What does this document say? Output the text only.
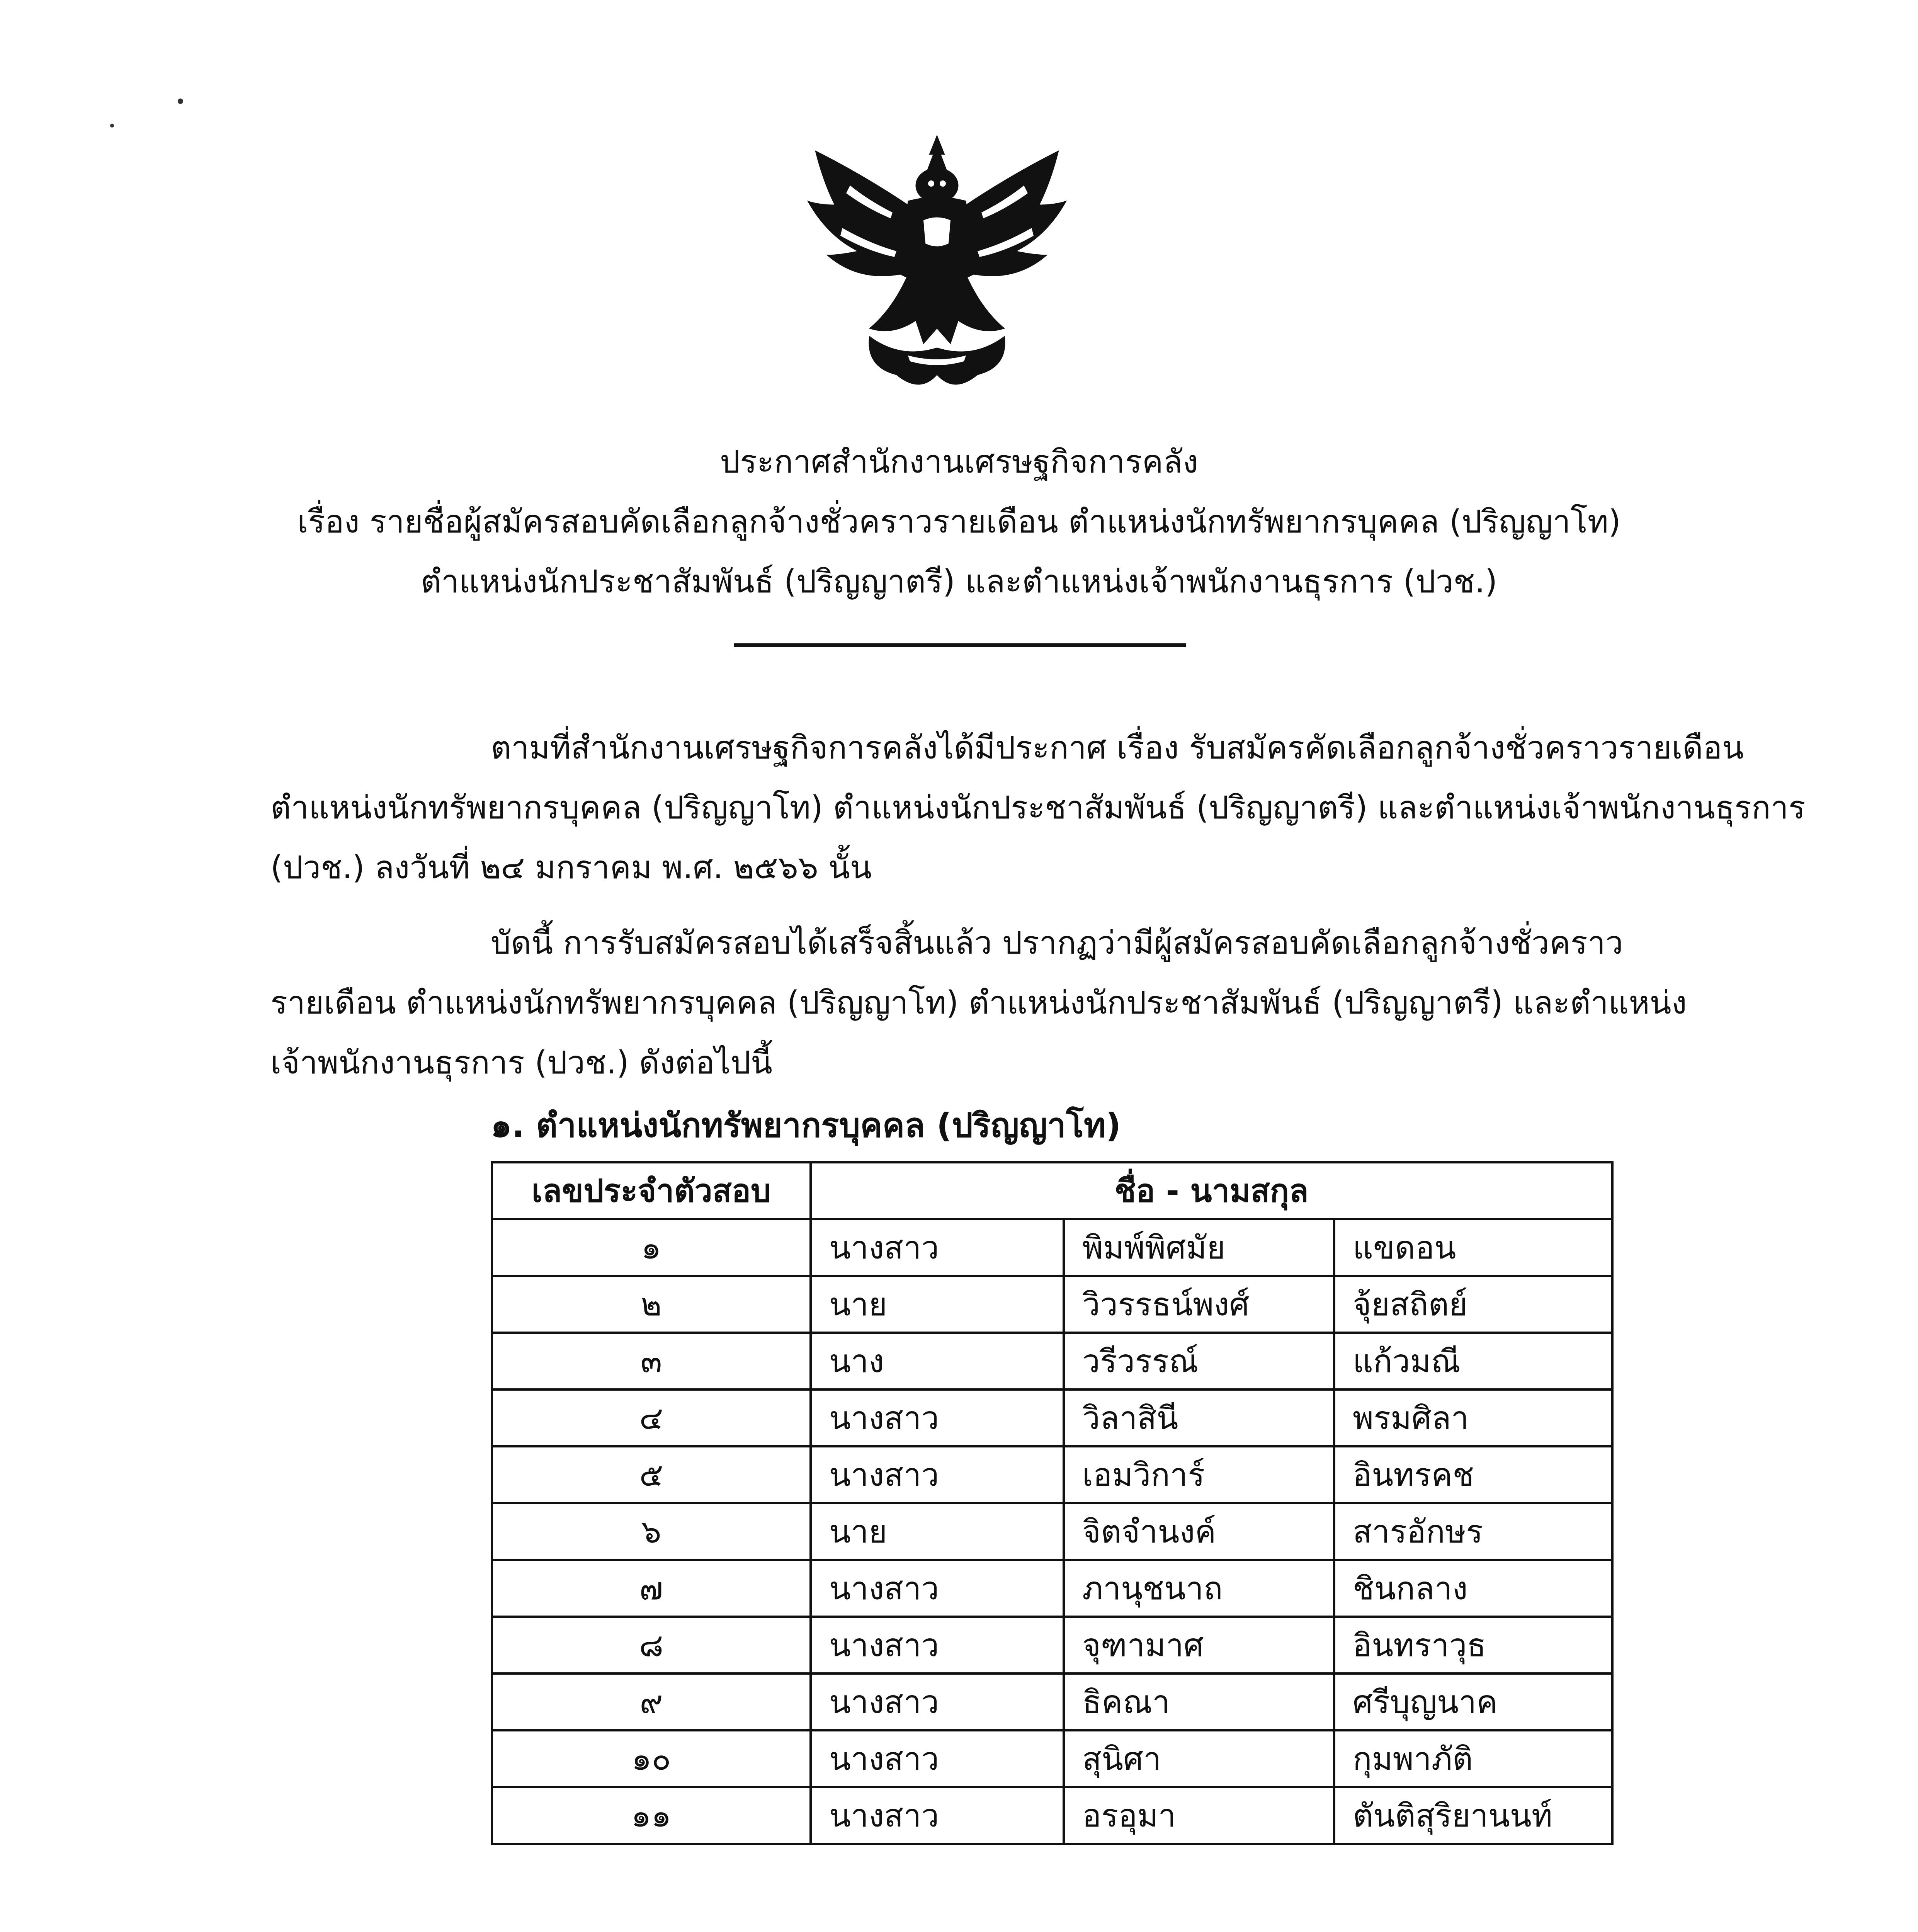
ประกาศสำนักงานเศรษฐกิจการคลัง
เรื่อง รายชื่อผู้สมัครสอบคัดเลือกลูกจ้างชั่วคราวรายเดือน ตำแหน่งนักทรัพยากรบุคคล (ปริญญาโท)
ตำแหน่งนักประชาสัมพันธ์ (ปริญญาตรี) และตำแหน่งเจ้าพนักงานธุรการ (ปวช.)
ตามที่สำนักงานเศรษฐกิจการคลังได้มีประกาศ เรื่อง รับสมัครคัดเลือกลูกจ้างชั่วคราวรายเดือน
ตำแหน่งนักทรัพยากรบุคคล (ปริญญาโท) ตำแหน่งนักประชาสัมพันธ์ (ปริญญาตรี) และตำแหน่งเจ้าพนักงานธุรการ
(ปวช.) ลงวันที่ ๒๔ มกราคม พ.ศ. ๒๕๖๖ นั้น
บัดนี้ การรับสมัครสอบได้เสร็จสิ้นแล้ว ปรากฏว่ามีผู้สมัครสอบคัดเลือกลูกจ้างชั่วคราว
รายเดือน ตำแหน่งนักทรัพยากรบุคคล (ปริญญาโท) ตำแหน่งนักประชาสัมพันธ์ (ปริญญาตรี) และตำแหน่ง
เจ้าพนักงานธุรการ (ปวช.) ดังต่อไปนี้
๑. ตำแหน่งนักทรัพยากรบุคคล (ปริญญาโท)
เลขประจำตัวสอบ	ชื่อ - นามสกุล		
๑	นางสาว	พิมพ์พิศมัย	แขดอน
๒	นาย	วิวรรธน์พงศ์	จุ้ยสถิตย์
๓	นาง	วรีวรรณ์	แก้วมณี
๔	นางสาว	วิลาสินี	พรมศิลา
๕	นางสาว	เอมวิการ์	อินทรคช
๖	นาย	จิตจำนงค์	สารอักษร
๗	นางสาว	ภานุชนาถ	ชินกลาง
๘	นางสาว	จุฑามาศ	อินทราวุธ
๙	นางสาว	ธิคณา	ศรีบุญนาค
๑๐	นางสาว	สุนิศา	กุมพาภัติ
๑๑	นางสาว	อรอุมา	ตันติสุริยานนท์
